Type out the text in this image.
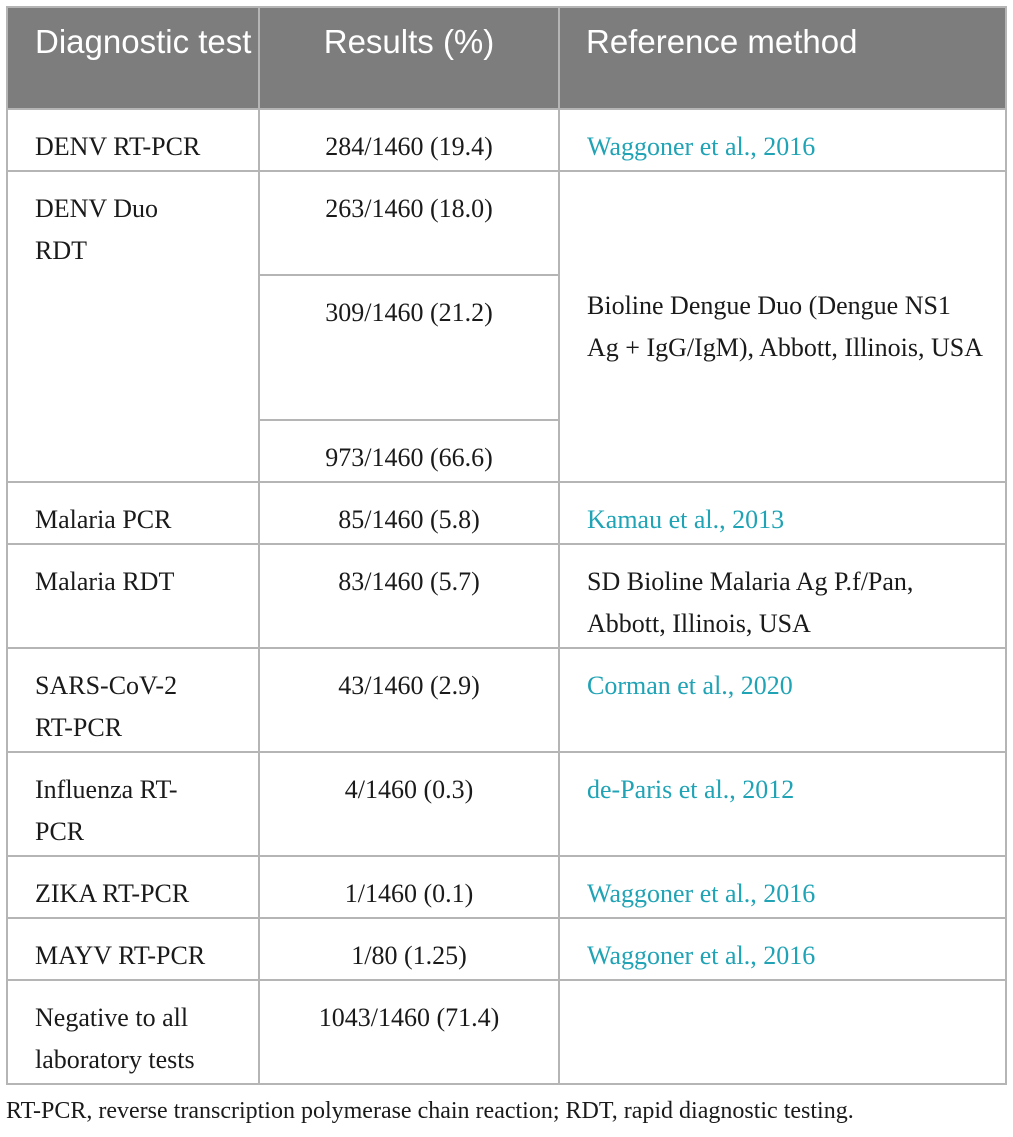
Diagnostic test	Results (%)	Reference method
DENV RT-PCR	284/1460 (19.4)	Waggoner et al., 2016
DENV Duo RDT	263/1460 (18.0)	Bioline Dengue Duo (Dengue NS1 Ag + IgG/IgM), Abbott, Illinois, USA
	309/1460 (21.2)	
	973/1460 (66.6)	
Malaria PCR	85/1460 (5.8)	Kamau et al., 2013
Malaria RDT	83/1460 (5.7)	SD Bioline Malaria Ag P.f/Pan, Abbott, Illinois, USA
SARS-CoV-2 RT-PCR	43/1460 (2.9)	Corman et al., 2020
Influenza RT-PCR	4/1460 (0.3)	de-Paris et al., 2012
ZIKA RT-PCR	1/1460 (0.1)	Waggoner et al., 2016
MAYV RT-PCR	1/80 (1.25)	Waggoner et al., 2016
Negative to all laboratory tests	1043/1460 (71.4)	
RT-PCR, reverse transcription polymerase chain reaction; RDT, rapid diagnostic testing.
